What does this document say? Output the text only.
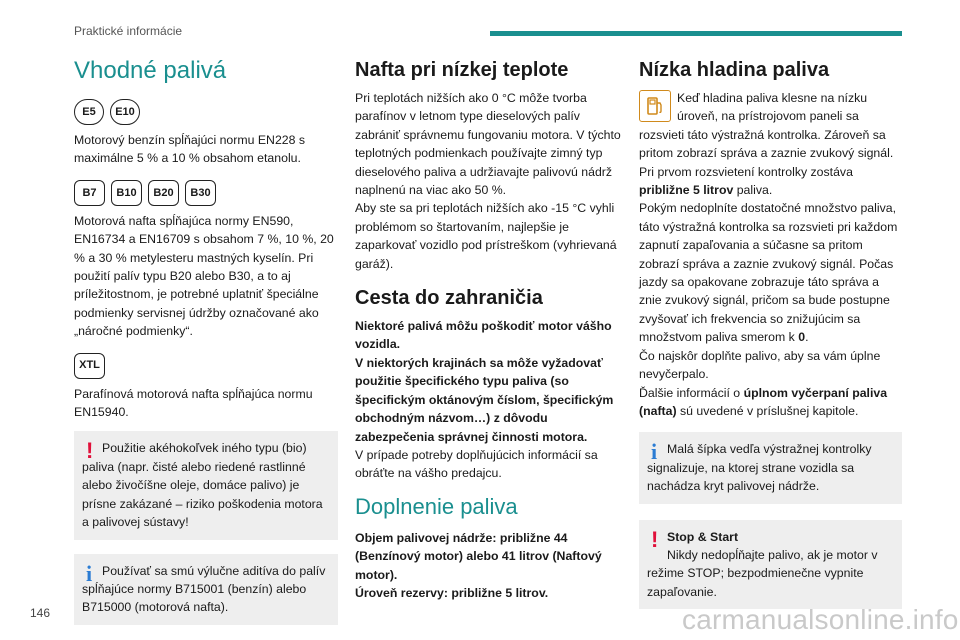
Praktické informácie
Vhodné palivá
E5	E10

Motorový benzín spĺňajúci normu EN228 s maximálne 5 % a 10 % obsahom etanolu.

B7	B10	B20	B30

Motorová nafta spĺňajúca normy EN590, EN16734 a EN16709 s obsahom 7 %, 10 %, 20 % a 30 % metylesteru mastných kyselín. Pri použití palív typu B20 alebo B30, a to aj príležitostnom, je potrebné uplatniť špeciálne podmienky servisnej údržby označované ako „náročné podmienky“.

XTL

Parafínová motorová nafta spĺňajúca normu EN15940.

! Použitie akéhokoľvek iného typu (bio) paliva (napr. čisté alebo riedené rastlinné alebo živočíšne oleje, domáce palivo) je prísne zakázané – riziko poškodenia motora a palivovej sústavy!

i Používať sa smú výlučne aditíva do palív spĺňajúce normy B715001 (benzín) alebo B715000 (motorová nafta).

Nafta pri nízkej teplote

Pri teplotách nižších ako 0 °C môže tvorba parafínov v letnom type dieselových palív zabrániť správnemu fungovaniu motora. V týchto teplotných podmienkach používajte zimný typ dieselového paliva a udržiavajte palivovú nádrž naplnenú na viac ako 50 %.

Aby ste sa pri teplotách nižších ako -15 °C vyhli problémom so štartovaním, najlepšie je zaparkovať vozidlo pod prístreškom (vyhrievaná garáž).

Cesta do zahraničia

Niektoré palivá môžu poškodiť motor vášho vozidla.

V niektorých krajinách sa môže vyžadovať použitie špecifického typu paliva (so špecifickým oktánovým číslom, špecifickým obchodným názvom…) z dôvodu zabezpečenia správnej činnosti motora.

V prípade potreby doplňujúcich informácií sa obráťte na vášho predajcu.

Doplnenie paliva

Objem palivovej nádrže: približne 44 (Benzínový motor) alebo 41 litrov (Naftový motor).

Úroveň rezervy: približne 5 litrov.

Nízka hladina paliva

Keď hladina paliva klesne na nízku úroveň, na prístrojovom paneli sa rozsvieti táto výstražná kontrolka. Zároveň sa pritom zobrazí správa a zaznie zvukový signál.

Pri prvom rozsvietení kontrolky zostáva približne 5 litrov paliva.

Pokým nedoplníte dostatočné množstvo paliva, táto výstražná kontrolka sa rozsvieti pri každom zapnutí zapaľovania a súčasne sa pritom zobrazí správa a zaznie zvukový signál. Počas jazdy sa opakovane zobrazuje táto správa a znie zvukový signál, pričom sa bude postupne zvyšovať ich frekvencia so znižujúcim sa množstvom paliva smerom k 0.

Čo najskôr doplňte palivo, aby sa vám úplne nevyčerpalo.

Ďalšie informácií o úplnom vyčerpaní paliva (nafta) sú uvedené v príslušnej kapitole.

i Malá šípka vedľa výstražnej kontrolky signalizuje, na ktorej strane vozidla sa nachádza kryt palivovej nádrže.

! Stop & Start

Nikdy nedopĺňajte palivo, ak je motor v režime STOP; bezpodmienečne vypnite zapaľovanie.

146	carmanualsonline.info
